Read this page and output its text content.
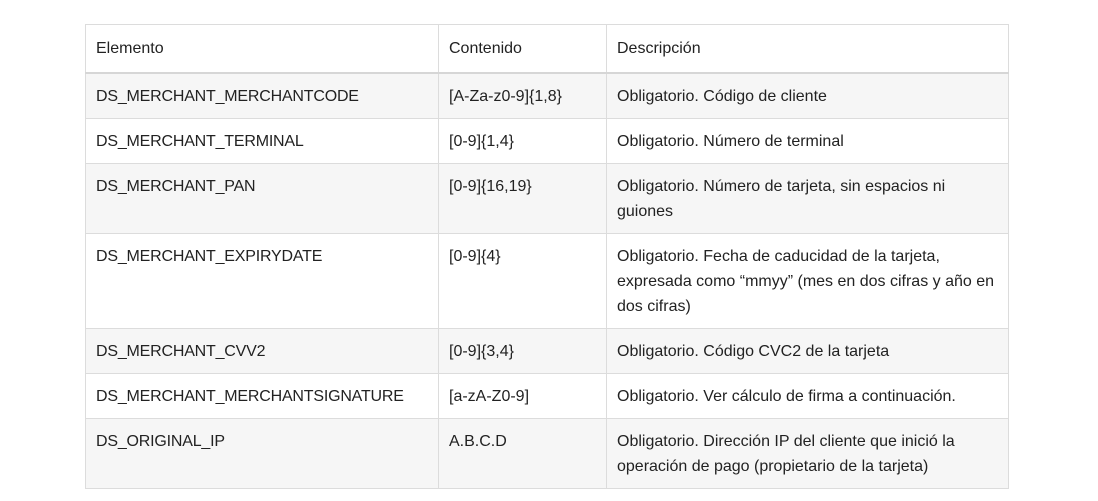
Elemento	Contenido	Descripción
DS_MERCHANT_MERCHANTCODE	[A-Za-z0-9]{1,8}	Obligatorio. Código de cliente
DS_MERCHANT_TERMINAL	[0-9]{1,4}	Obligatorio. Número de terminal
DS_MERCHANT_PAN	[0-9]{16,19}	Obligatorio. Número de tarjeta, sin espacios ni guiones
DS_MERCHANT_EXPIRYDATE	[0-9]{4}	Obligatorio. Fecha de caducidad de la tarjeta, expresada como “mmyy” (mes en dos cifras y año en dos cifras)
DS_MERCHANT_CVV2	[0-9]{3,4}	Obligatorio. Código CVC2 de la tarjeta
DS_MERCHANT_MERCHANTSIGNATURE	[a-zA-Z0-9]	Obligatorio. Ver cálculo de firma a continuación.
DS_ORIGINAL_IP	A.B.C.D	Obligatorio. Dirección IP del cliente que inició la operación de pago (propietario de la tarjeta)
